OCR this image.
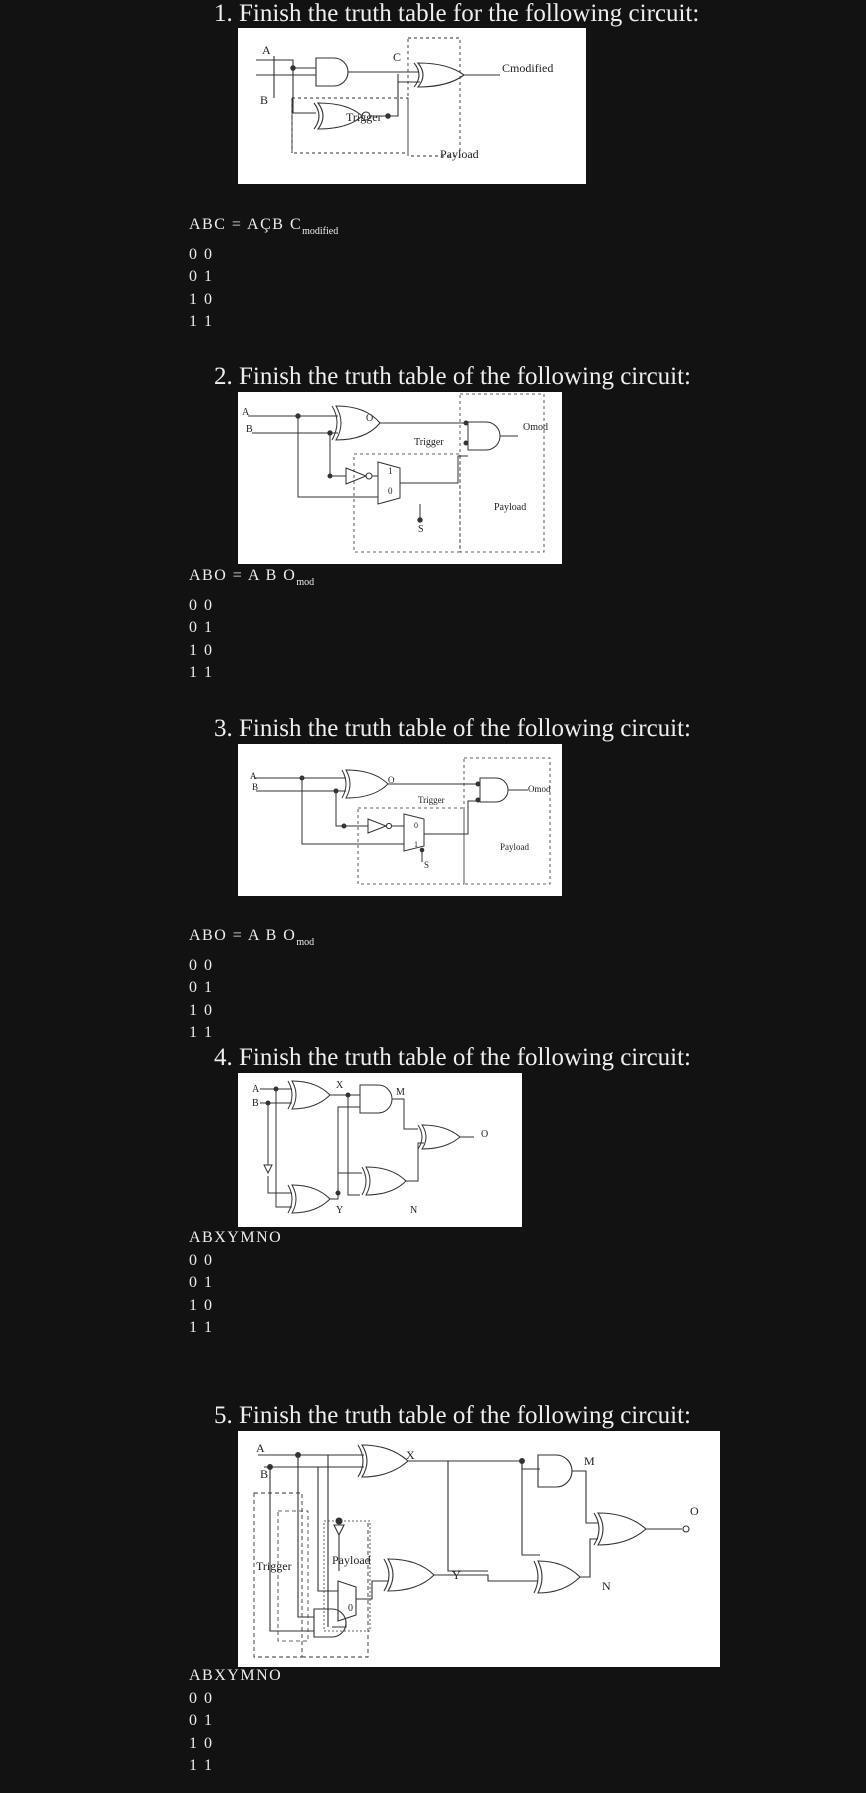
1. Finish the truth table for the following circuit:
A
B
C
Trigger
Payload
Cmodified
ABC = AÇB $C_{modified}$
0 0
0 1
1 0
1 1
2. Finish the truth table of the following circuit:
A
B
O
Trigger
1
0
S
Payload
Omod
ABO = A B $O_{mod}$
0 0
0 1
1 0
1 1
3. Finish the truth table of the following circuit:
A
B
O
Trigger
0
1
S
Payload
Omod
ABO = A B $O_{mod}$
0 0
0 1
1 0
1 1
4. Finish the truth table of the following circuit:
A
B
X
M
O
Y	N
ABXYMNO
0 0
0 1
1 0
1 1
5. Finish the truth table of the following circuit:
A
B
X	M
O
Trigger	Payload
0
Y
N
ABXYMNO
0 0
0 1
1 0
1 1
